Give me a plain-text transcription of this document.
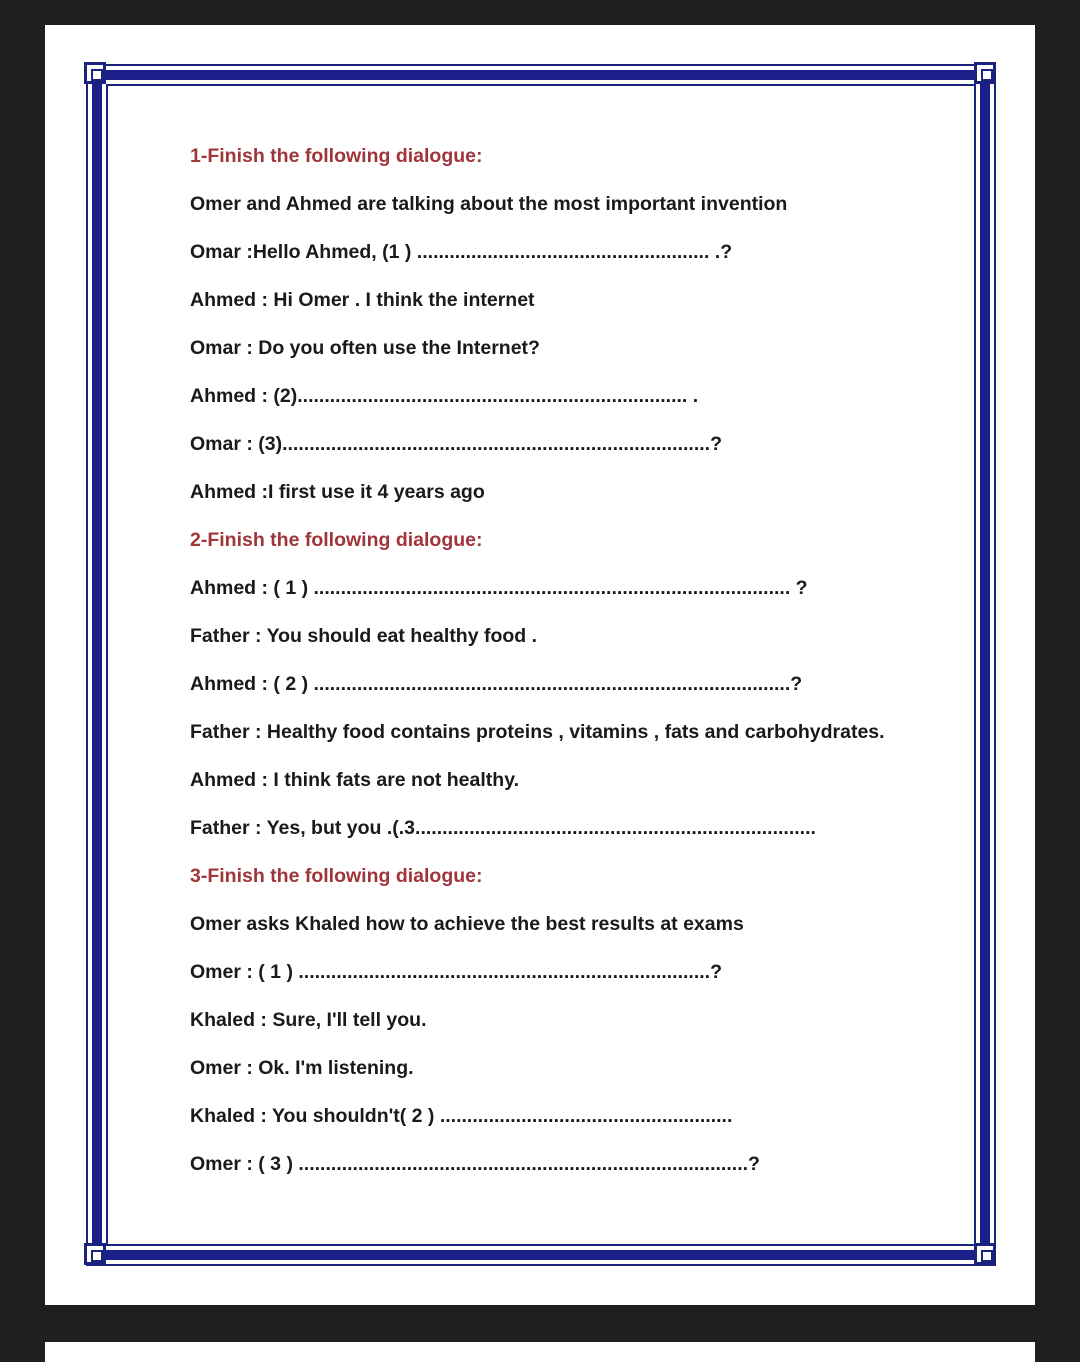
1-Finish the following dialogue:
Omer and Ahmed are talking about the most important invention
Omar :Hello Ahmed, (1 ) ...................................................... .?
Ahmed : Hi Omer . I think the internet
Omar : Do you often use the Internet?
Ahmed : (2)........................................................................ .
Omar : (3)...............................................................................?
Ahmed :I first use it 4 years ago
2-Finish the following dialogue:
Ahmed : ( 1 ) ........................................................................................ ?
Father : You should eat healthy food .
Ahmed : ( 2 ) ........................................................................................?
Father : Healthy food contains proteins , vitamins , fats and carbohydrates.
Ahmed : I think fats are not healthy.
Father : Yes, but you .(.3..........................................................................
3-Finish the following dialogue:
Omer asks Khaled how to achieve the best results at exams
Omer : ( 1 ) ............................................................................?
Khaled : Sure, I'll tell you.
Omer : Ok. I'm listening.
Khaled : You shouldn't( 2 ) ......................................................
Omer : ( 3 ) ...................................................................................?
